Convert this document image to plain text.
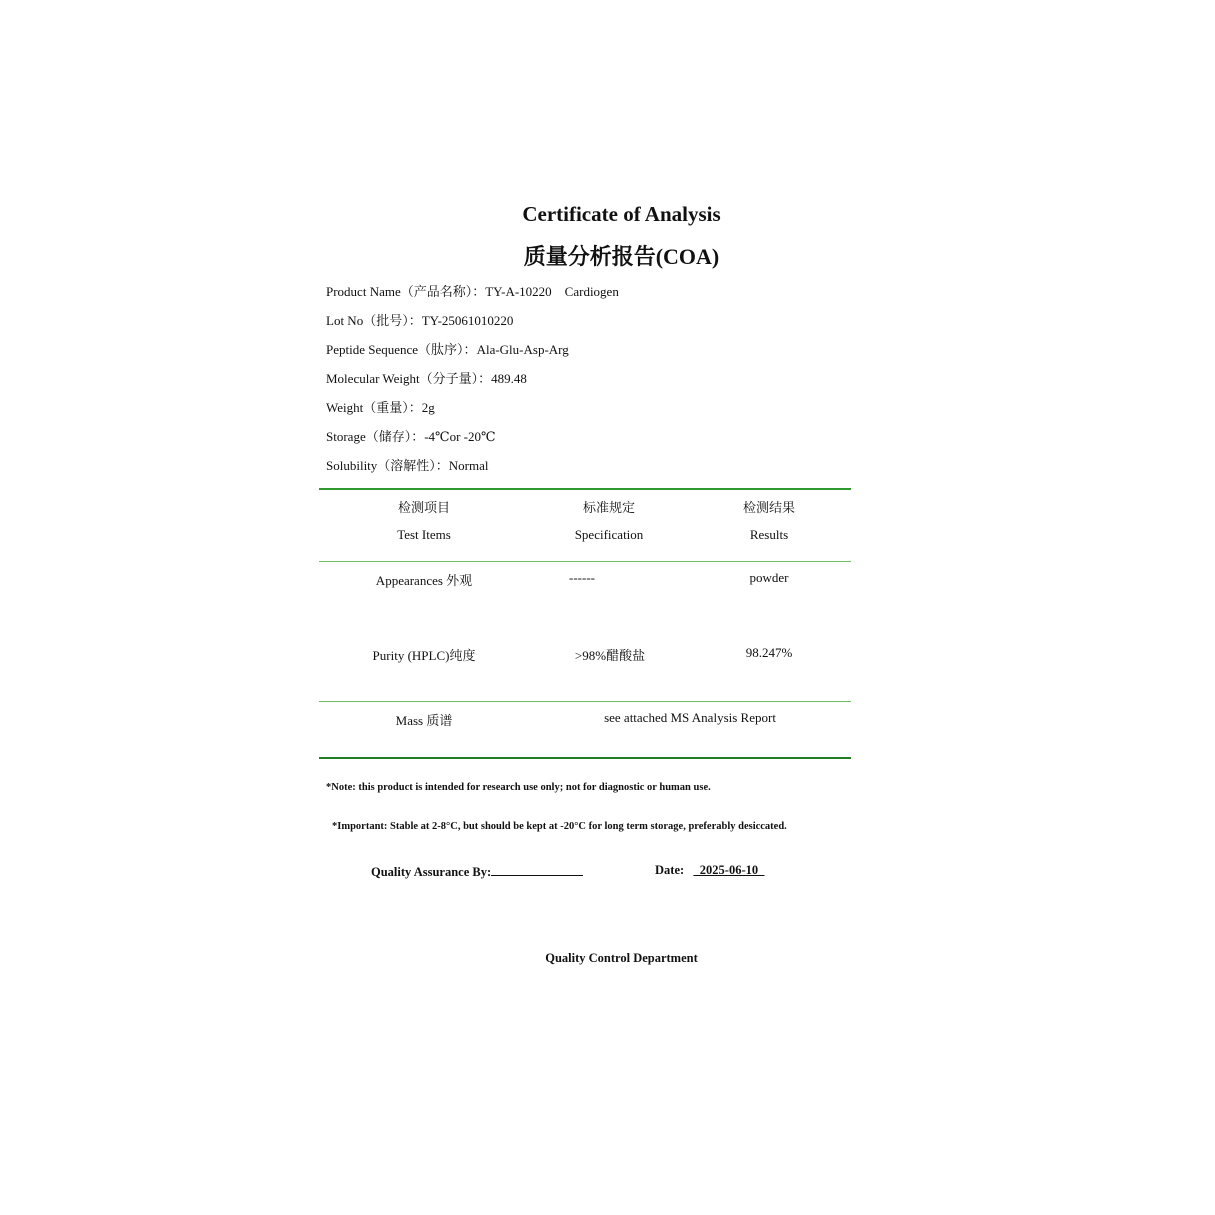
Certificate of Analysis
质量分析报告(COA)
Product Name（产品名称）：TY-A-10220    Cardiogen
Lot No（批号）：TY-25061010220
Peptide Sequence（肽序）：Ala-Glu-Asp-Arg
Molecular Weight（分子量）：489.48
Weight（重量）：2g
Storage（储存）：-4℃or -20℃
Solubility（溶解性）：Normal
检测项目	标准规定	检测结果
Test Items	Specification	Results
Appearances 外观	------	powder
Purity (HPLC)纯度	>98%醋酸盐	98.247%
Mass 质谱	see attached MS Analysis Report
*Note: this product is intended for research use only; not for diagnostic or human use.
*Important: Stable at 2-8°C, but should be kept at -20°C for long term storage, preferably desiccated.
Quality Assurance By:	Date: _2025-06-10_
Quality Control Department
